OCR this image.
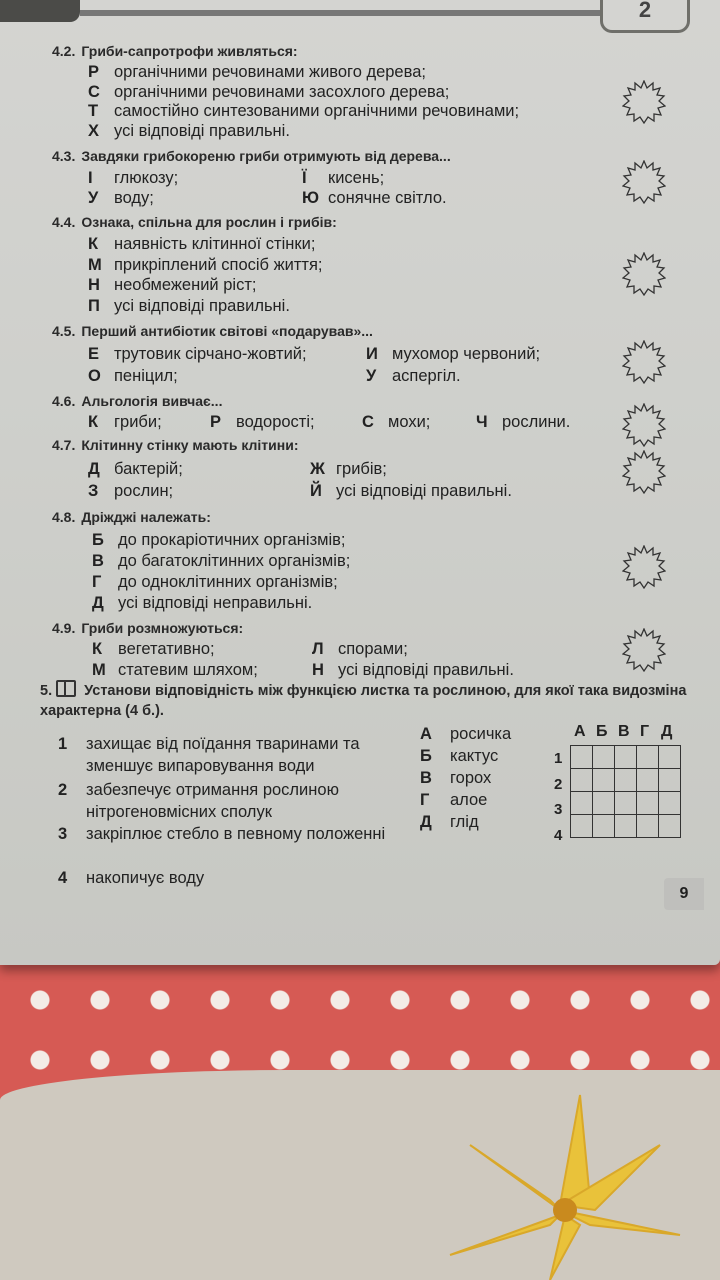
2
4.2. Гриби-сапротрофи живляться:
Р органічними речовинами живого дерева;
С органічними речовинами засохлого дерева;
Т самостійно синтезованими органічними речовинами;
Х усі відповіді правильні.
4.3. Завдяки грибокореню гриби отримують від дерева...
І глюкозу;	Ї кисень;
У воду;	Ю сонячне світло.
4.4. Ознака, спільна для рослин і грибів:
К наявність клітинної стінки;
М прикріплений спосіб життя;
Н необмежений ріст;
П усі відповіді правильні.
4.5. Перший антибіотик світові «подарував»...
Е трутовик сірчано-жовтий;	И мухомор червоний;
О пеніцил;	У аспергіл.
4.6. Альгологія вивчає...
К гриби;	Р водорості;	С мохи;	Ч рослини.
4.7. Клітинну стінку мають клітини:
Д бактерій;	Ж грибів;
З рослин;	Й усі відповіді правильні.
4.8. Дріжджі належать:
Б до прокаріотичних організмів;
В до багатоклітинних організмів;
Г до одноклітинних організмів;
Д усі відповіді неправильні.
4.9. Гриби розмножуються:
К вегетативно;	Л спорами;
М статевим шляхом;	Н усі відповіді правильні.
5. Установи відповідність між функцією листка та рослиною, для якої така видозміна характерна (4 б.).
1 захищає від поїдання тваринами та зменшує випаровування води
2 забезпечує отримання рослиною нітрогеновмісних сполук
3 закріплює стебло в певному положенні
4 накопичує воду
А росичка
Б кактус
В горох
Г алое
Д глід
А Б В Г Д
1
2
3
4

9
